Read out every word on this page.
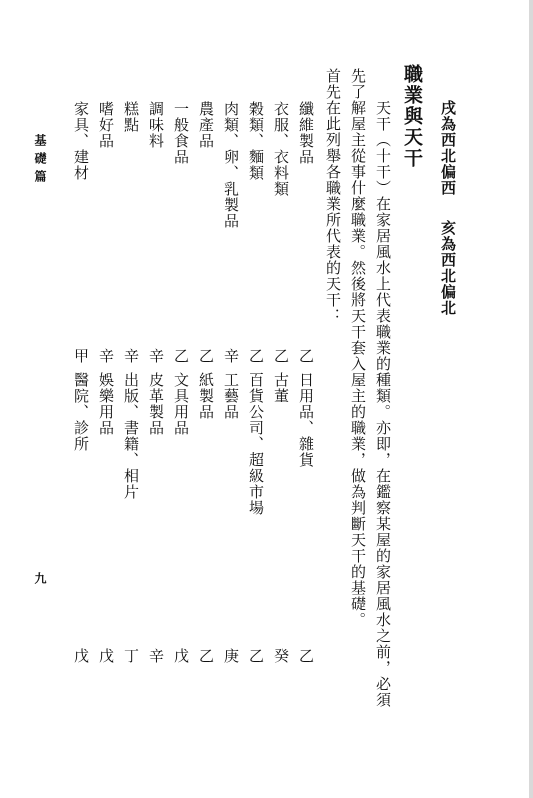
戌為西北偏西
亥為西北偏北
職業與天干
天干（十干）在家居風水上代表職業的種類。亦即，在鑑察某屋的家居風水之前，必須
先了解屋主從事什麼職業。然後將天干套入屋主的職業，做為判斷天干的基礎。
首先在此列舉各職業所代表的天干：
纖維製品
乙
日用品、雜貨
乙
衣服、衣料類
乙
古董
癸
穀類、麵類
乙
百貨公司、超級市場
乙
肉類、卵、乳製品
辛
工藝品
庚
農產品
乙
紙製品
乙
一般食品
乙
文具用品
戊
調味料
辛
皮革製品
辛
糕點
辛
出版、書籍、相片
丁
嗜好品
辛
娛樂用品
戊
家具、建材
甲
醫院、診所
戊
基礎篇
九
